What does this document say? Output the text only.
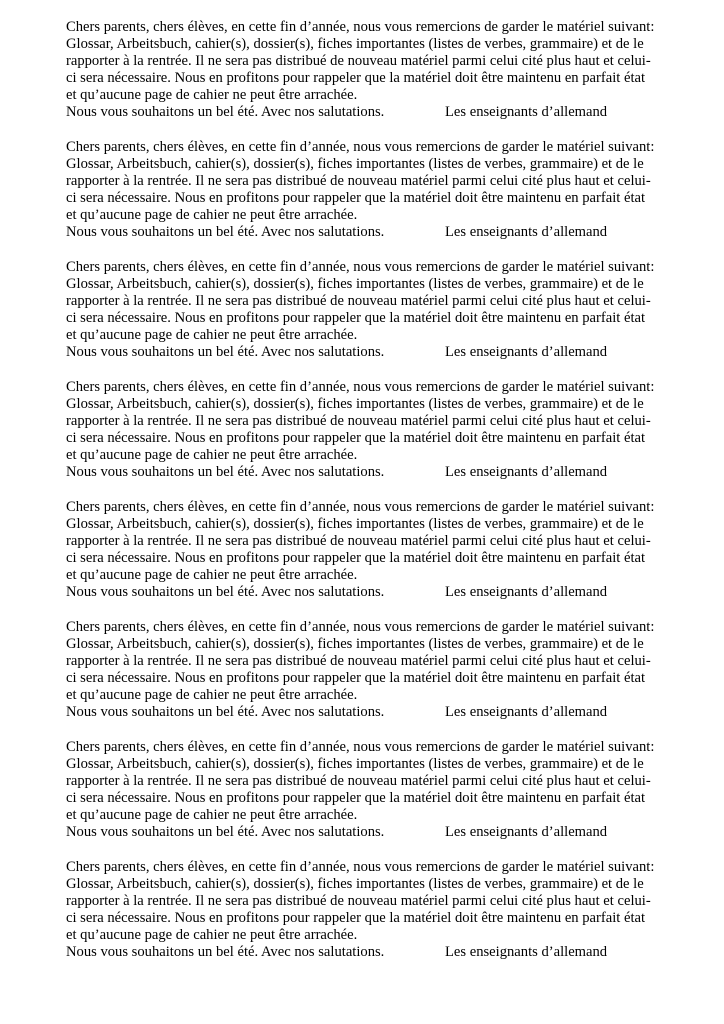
Chers parents, chers élèves, en cette fin d’année, nous vous remercions de garder le matériel suivant:
Glossar, Arbeitsbuch, cahier(s), dossier(s), fiches importantes (listes de verbes, grammaire) et de le
rapporter à la rentrée. Il ne sera pas distribué de nouveau matériel parmi celui cité plus haut et celui-
ci sera nécessaire. Nous en profitons pour rappeler que la matériel doit être maintenu en parfait état
et qu’aucune page de cahier ne peut être arrachée.
Nous vous souhaitons un bel été. Avec nos salutations.	Les enseignants d’allemand
Chers parents, chers élèves, en cette fin d’année, nous vous remercions de garder le matériel suivant:
Glossar, Arbeitsbuch, cahier(s), dossier(s), fiches importantes (listes de verbes, grammaire) et de le
rapporter à la rentrée. Il ne sera pas distribué de nouveau matériel parmi celui cité plus haut et celui-
ci sera nécessaire. Nous en profitons pour rappeler que la matériel doit être maintenu en parfait état
et qu’aucune page de cahier ne peut être arrachée.
Nous vous souhaitons un bel été. Avec nos salutations.	Les enseignants d’allemand
Chers parents, chers élèves, en cette fin d’année, nous vous remercions de garder le matériel suivant:
Glossar, Arbeitsbuch, cahier(s), dossier(s), fiches importantes (listes de verbes, grammaire) et de le
rapporter à la rentrée. Il ne sera pas distribué de nouveau matériel parmi celui cité plus haut et celui-
ci sera nécessaire. Nous en profitons pour rappeler que la matériel doit être maintenu en parfait état
et qu’aucune page de cahier ne peut être arrachée.
Nous vous souhaitons un bel été. Avec nos salutations.	Les enseignants d’allemand
Chers parents, chers élèves, en cette fin d’année, nous vous remercions de garder le matériel suivant:
Glossar, Arbeitsbuch, cahier(s), dossier(s), fiches importantes (listes de verbes, grammaire) et de le
rapporter à la rentrée. Il ne sera pas distribué de nouveau matériel parmi celui cité plus haut et celui-
ci sera nécessaire. Nous en profitons pour rappeler que la matériel doit être maintenu en parfait état
et qu’aucune page de cahier ne peut être arrachée.
Nous vous souhaitons un bel été. Avec nos salutations.	Les enseignants d’allemand
Chers parents, chers élèves, en cette fin d’année, nous vous remercions de garder le matériel suivant:
Glossar, Arbeitsbuch, cahier(s), dossier(s), fiches importantes (listes de verbes, grammaire) et de le
rapporter à la rentrée. Il ne sera pas distribué de nouveau matériel parmi celui cité plus haut et celui-
ci sera nécessaire. Nous en profitons pour rappeler que la matériel doit être maintenu en parfait état
et qu’aucune page de cahier ne peut être arrachée.
Nous vous souhaitons un bel été. Avec nos salutations.	Les enseignants d’allemand
Chers parents, chers élèves, en cette fin d’année, nous vous remercions de garder le matériel suivant:
Glossar, Arbeitsbuch, cahier(s), dossier(s), fiches importantes (listes de verbes, grammaire) et de le
rapporter à la rentrée. Il ne sera pas distribué de nouveau matériel parmi celui cité plus haut et celui-
ci sera nécessaire. Nous en profitons pour rappeler que la matériel doit être maintenu en parfait état
et qu’aucune page de cahier ne peut être arrachée.
Nous vous souhaitons un bel été. Avec nos salutations.	Les enseignants d’allemand
Chers parents, chers élèves, en cette fin d’année, nous vous remercions de garder le matériel suivant:
Glossar, Arbeitsbuch, cahier(s), dossier(s), fiches importantes (listes de verbes, grammaire) et de le
rapporter à la rentrée. Il ne sera pas distribué de nouveau matériel parmi celui cité plus haut et celui-
ci sera nécessaire. Nous en profitons pour rappeler que la matériel doit être maintenu en parfait état
et qu’aucune page de cahier ne peut être arrachée.
Nous vous souhaitons un bel été. Avec nos salutations.	Les enseignants d’allemand
Chers parents, chers élèves, en cette fin d’année, nous vous remercions de garder le matériel suivant:
Glossar, Arbeitsbuch, cahier(s), dossier(s), fiches importantes (listes de verbes, grammaire) et de le
rapporter à la rentrée. Il ne sera pas distribué de nouveau matériel parmi celui cité plus haut et celui-
ci sera nécessaire. Nous en profitons pour rappeler que la matériel doit être maintenu en parfait état
et qu’aucune page de cahier ne peut être arrachée.
Nous vous souhaitons un bel été. Avec nos salutations.	Les enseignants d’allemand
